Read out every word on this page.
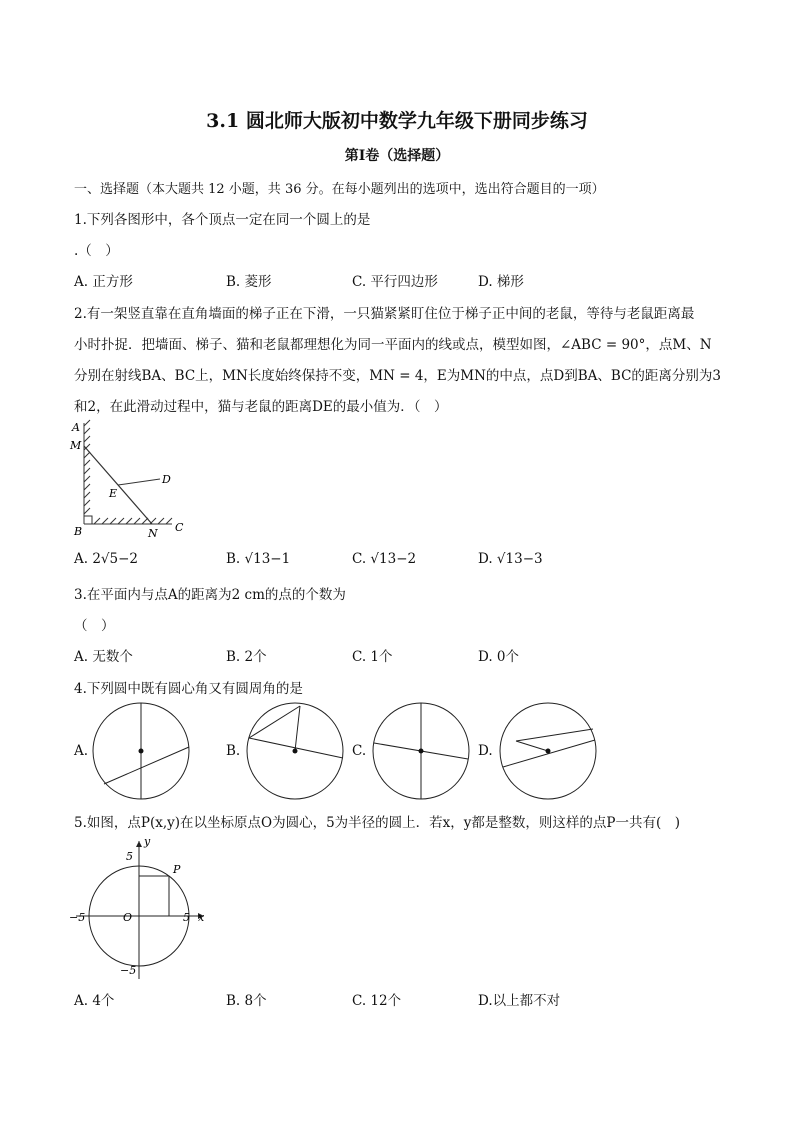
3.1 圆北师大版初中数学九年级下册同步练习
第I卷（选择题）
一、选择题（本大题共 12 小题，共 36 分。在每小题列出的选项中，选出符合题目的一项）
1.下列各图形中，各个顶点一定在同一个圆上的是
.（　）
A. 正方形	B. 菱形	C. 平行四边形	D. 梯形
2.有一架竖直靠在直角墙面的梯子正在下滑，一只猫紧紧盯住位于梯子正中间的老鼠，等待与老鼠距离最
小时扑捉．把墙面、梯子、猫和老鼠都理想化为同一平面内的线或点，模型如图，∠ABC = 90°，点M、N
分别在射线BA、BC上，MN长度始终保持不变，MN = 4，E为MN的中点，点D到BA、BC的距离分别为3
和2，在此滑动过程中，猫与老鼠的距离DE的最小值为．（　）
A
M
D
E
B	N C
A. 2√5−2	B. √13−1	C. √13−2	D. √13−3
3.在平面内与点A的距离为2 cm的点的个数为
（　）
A. 无数个	B. 2个	C. 1个	D. 0个
4.下列圆中既有圆心角又有圆周角的是
A.	B.	C.	D.
5.如图，点P(x,y)在以坐标原点O为圆心，5为半径的圆上．若x，y都是整数，则这样的点P一共有(　)
5
y
P
−5	O	5 x
−5
A. 4个	B. 8个	C. 12个	D.以上都不对
